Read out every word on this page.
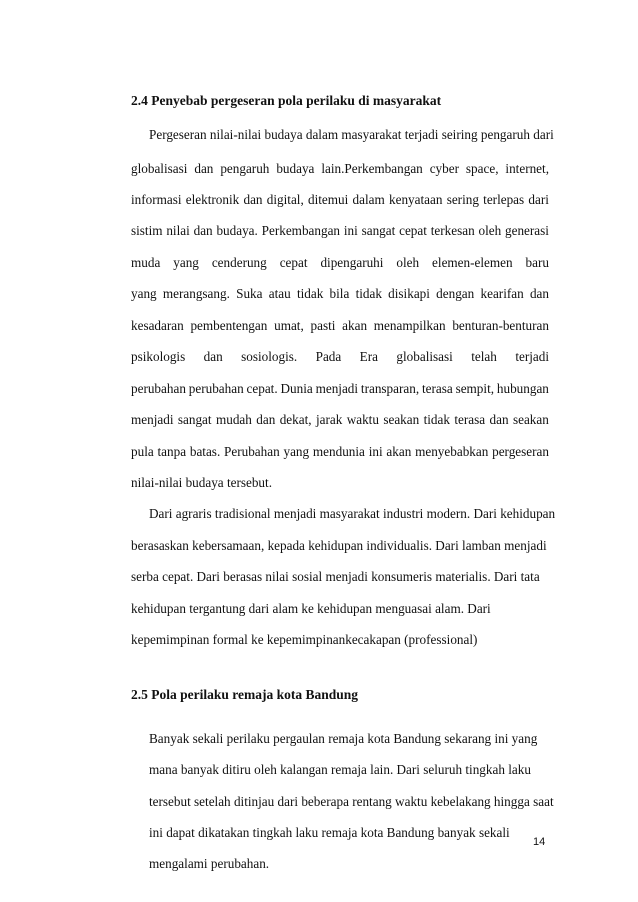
2.4 Penyebab pergeseran pola perilaku di masyarakat
Pergeseran nilai-nilai budaya dalam masyarakat terjadi seiring pengaruh dari
globalisasi dan pengaruh budaya lain.Perkembangan cyber space, internet,
informasi elektronik dan digital, ditemui dalam kenyataan sering terlepas dari
sistim nilai dan budaya. Perkembangan ini sangat cepat terkesan oleh generasi
muda yang cenderung cepat dipengaruhi oleh elemen-elemen baru
yang merangsang. Suka atau tidak bila tidak disikapi dengan kearifan dan
kesadaran pembentengan umat, pasti akan menampilkan benturan-benturan
psikologis dan sosiologis. Pada Era globalisasi telah terjadi
perubahan perubahan cepat. Dunia menjadi transparan, terasa sempit, hubungan
menjadi sangat mudah dan dekat, jarak waktu seakan tidak terasa dan seakan
pula tanpa batas. Perubahan yang mendunia ini akan menyebabkan pergeseran
nilai-nilai budaya tersebut.
Dari agraris tradisional menjadi masyarakat industri modern. Dari kehidupan
berasaskan kebersamaan, kepada kehidupan individualis. Dari lamban menjadi
serba cepat. Dari berasas nilai sosial menjadi konsumeris materialis. Dari tata
kehidupan tergantung dari alam ke kehidupan menguasai alam. Dari
kepemimpinan formal ke kepemimpinankecakapan (professional)
2.5 Pola perilaku remaja kota Bandung
Banyak sekali perilaku pergaulan remaja kota Bandung sekarang ini yang
mana banyak ditiru oleh kalangan remaja lain. Dari seluruh tingkah laku
tersebut setelah ditinjau dari beberapa rentang waktu kebelakang hingga saat
ini dapat dikatakan tingkah laku remaja kota Bandung banyak sekali
mengalami perubahan.
14
